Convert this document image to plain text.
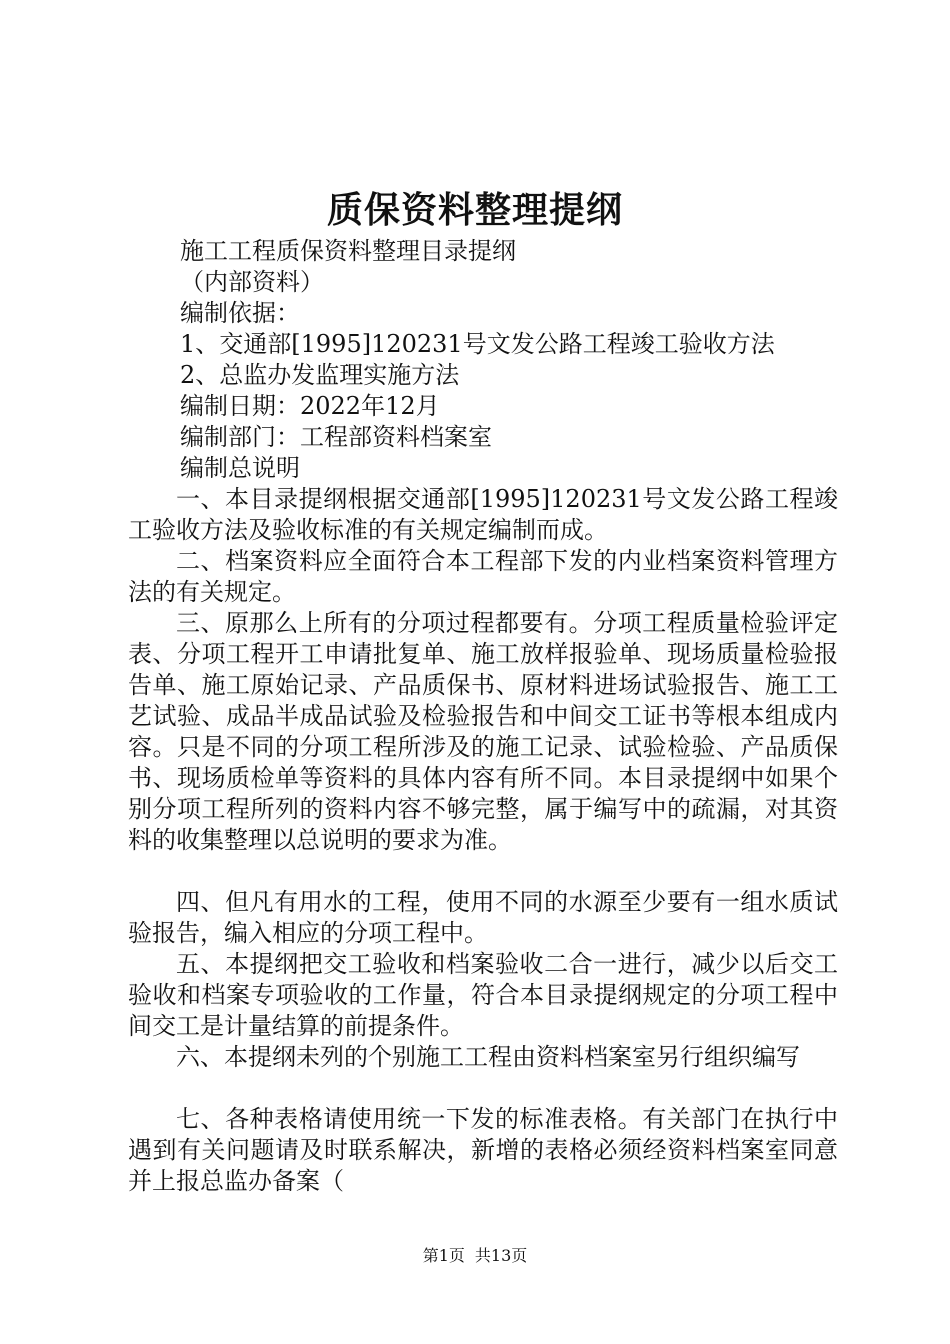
质保资料整理提纲

施工工程质保资料整理目录提纲

（内部资料）

编制依据：

1、交通部[1995]120231号文发公路工程竣工验收方法

2、总监办发监理实施方法

编制日期：2022年12月

编制部门：工程部资料档案室

编制总说明

一、本目录提纲根据交通部[1995]120231号文发公路工程竣工验收方法及验收标准的有关规定编制而成。

二、档案资料应全面符合本工程部下发的内业档案资料管理方法的有关规定。

三、原那么上所有的分项过程都要有。分项工程质量检验评定表、分项工程开工申请批复单、施工放样报验单、现场质量检验报告单、施工原始记录、产品质保书、原材料进场试验报告、施工工艺试验、成品半成品试验及检验报告和中间交工证书等根本组成内容。只是不同的分项工程所涉及的施工记录、试验检验、产品质保书、现场质检单等资料的具体内容有所不同。本目录提纲中如果个别分项工程所列的资料内容不够完整，属于编写中的疏漏，对其资料的收集整理以总说明的要求为准。

四、但凡有用水的工程，使用不同的水源至少要有一组水质试验报告，编入相应的分项工程中。

五、本提纲把交工验收和档案验收二合一进行，减少以后交工验收和档案专项验收的工作量，符合本目录提纲规定的分项工程中间交工是计量结算的前提条件。

六、本提纲未列的个别施工工程由资料档案室另行组织编写

七、各种表格请使用统一下发的标准表格。有关部门在执行中遇到有关问题请及时联系解决，新增的表格必须经资料档案室同意并上报总监办备案（

第1页 共13页
